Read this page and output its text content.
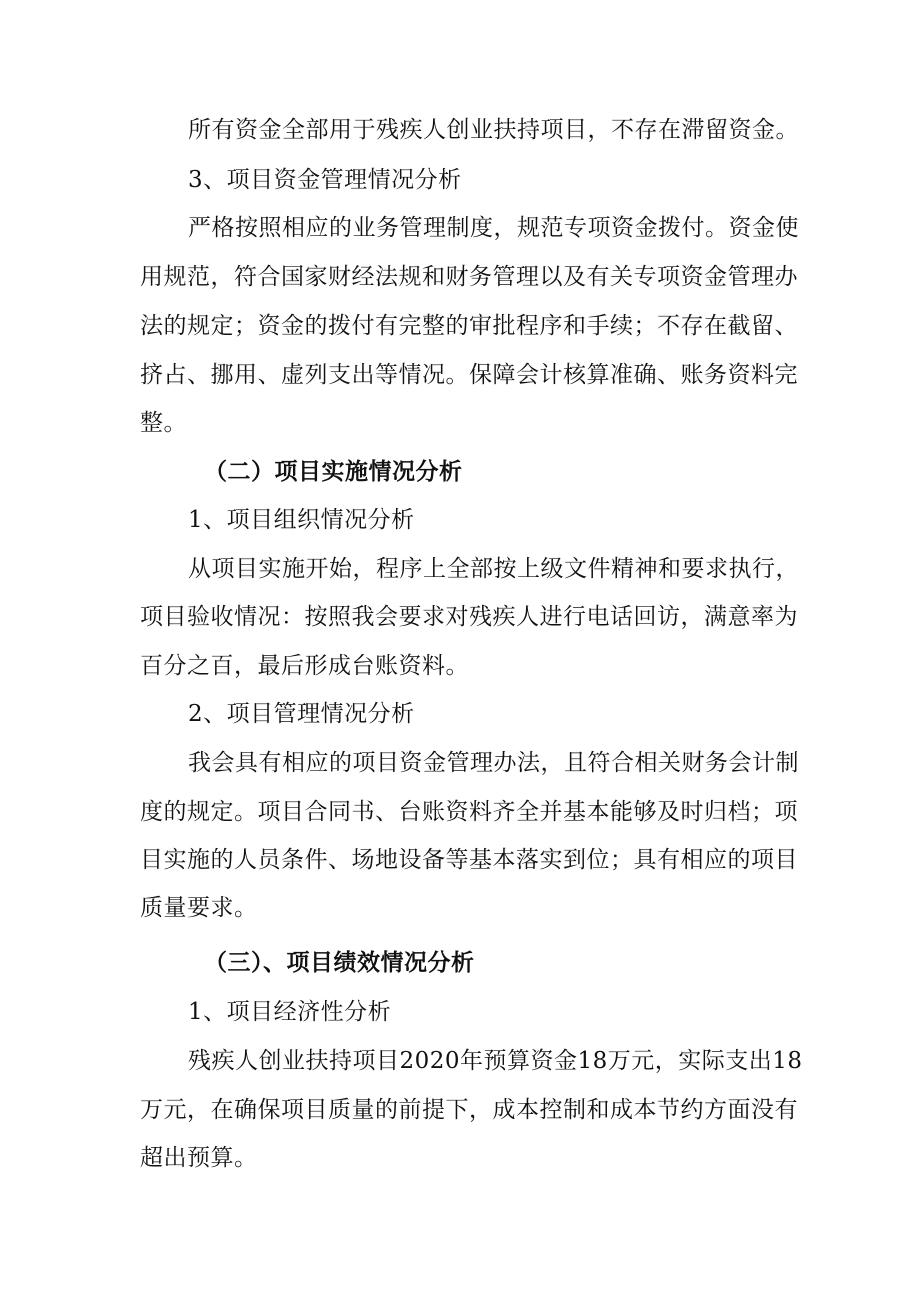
所有资金全部用于残疾人创业扶持项目，不存在滞留资金。
3、项目资金管理情况分析
严格按照相应的业务管理制度，规范专项资金拨付。资金使
用规范，符合国家财经法规和财务管理以及有关专项资金管理办
法的规定；资金的拨付有完整的审批程序和手续；不存在截留、
挤占、挪用、虚列支出等情况。保障会计核算准确、账务资料完
整。
（二）项目实施情况分析
1、项目组织情况分析
从项目实施开始，程序上全部按上级文件精神和要求执行，
项目验收情况：按照我会要求对残疾人进行电话回访，满意率为
百分之百，最后形成台账资料。
2、项目管理情况分析
我会具有相应的项目资金管理办法，且符合相关财务会计制
度的规定。项目合同书、台账资料齐全并基本能够及时归档；项
目实施的人员条件、场地设备等基本落实到位；具有相应的项目
质量要求。
（三）、项目绩效情况分析
1、项目经济性分析
残疾人创业扶持项目2020年预算资金18万元，实际支出18
万元，在确保项目质量的前提下，成本控制和成本节约方面没有
超出预算。
